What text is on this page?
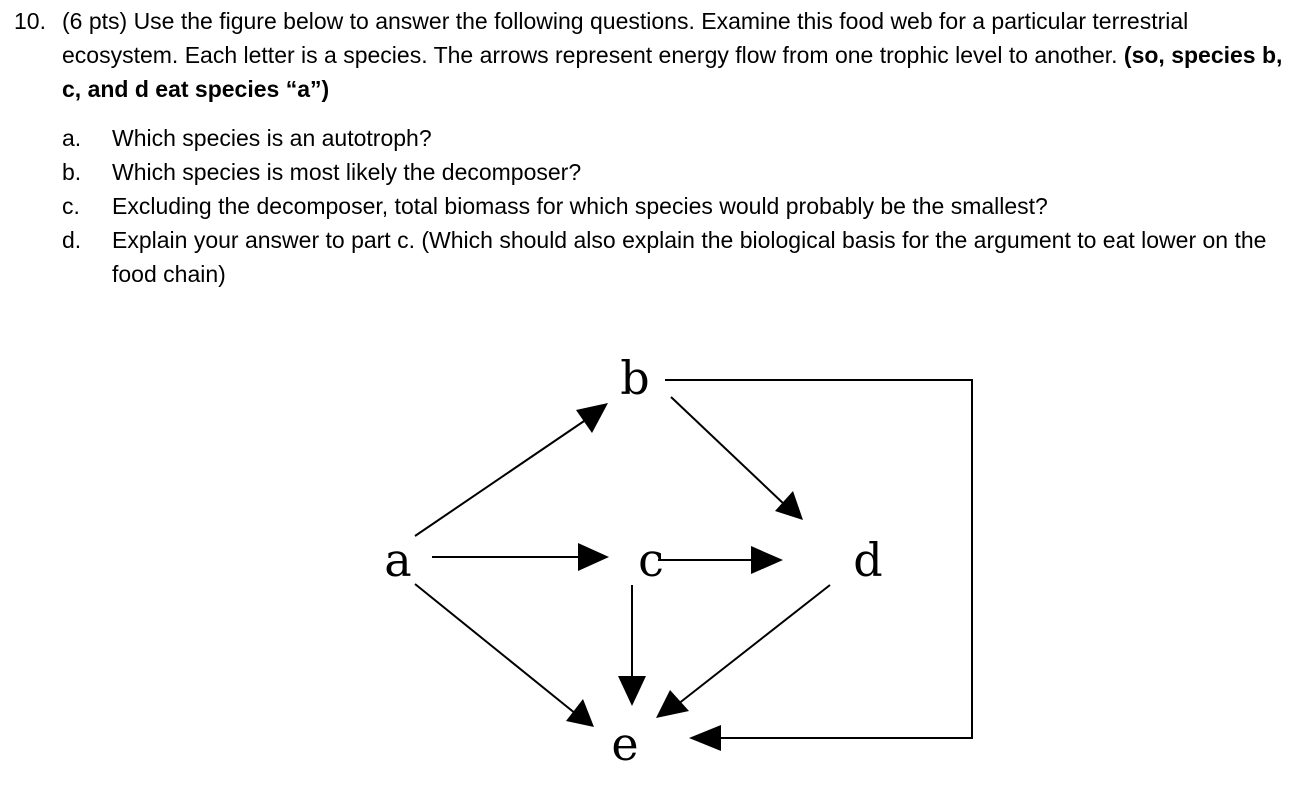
10. (6 pts) Use the figure below to answer the following questions. Examine this food web for a particular terrestrial ecosystem. Each letter is a species. The arrows represent energy flow from one trophic level to another. (so, species b, c, and d eat species “a”)
a. Which species is an autotroph?
b. Which species is most likely the decomposer?
c. Excluding the decomposer, total biomass for which species would probably be the smallest?
d. Explain your answer to part c. (Which should also explain the biological basis for the argument to eat lower on the food chain)
a
b
c	d
e
